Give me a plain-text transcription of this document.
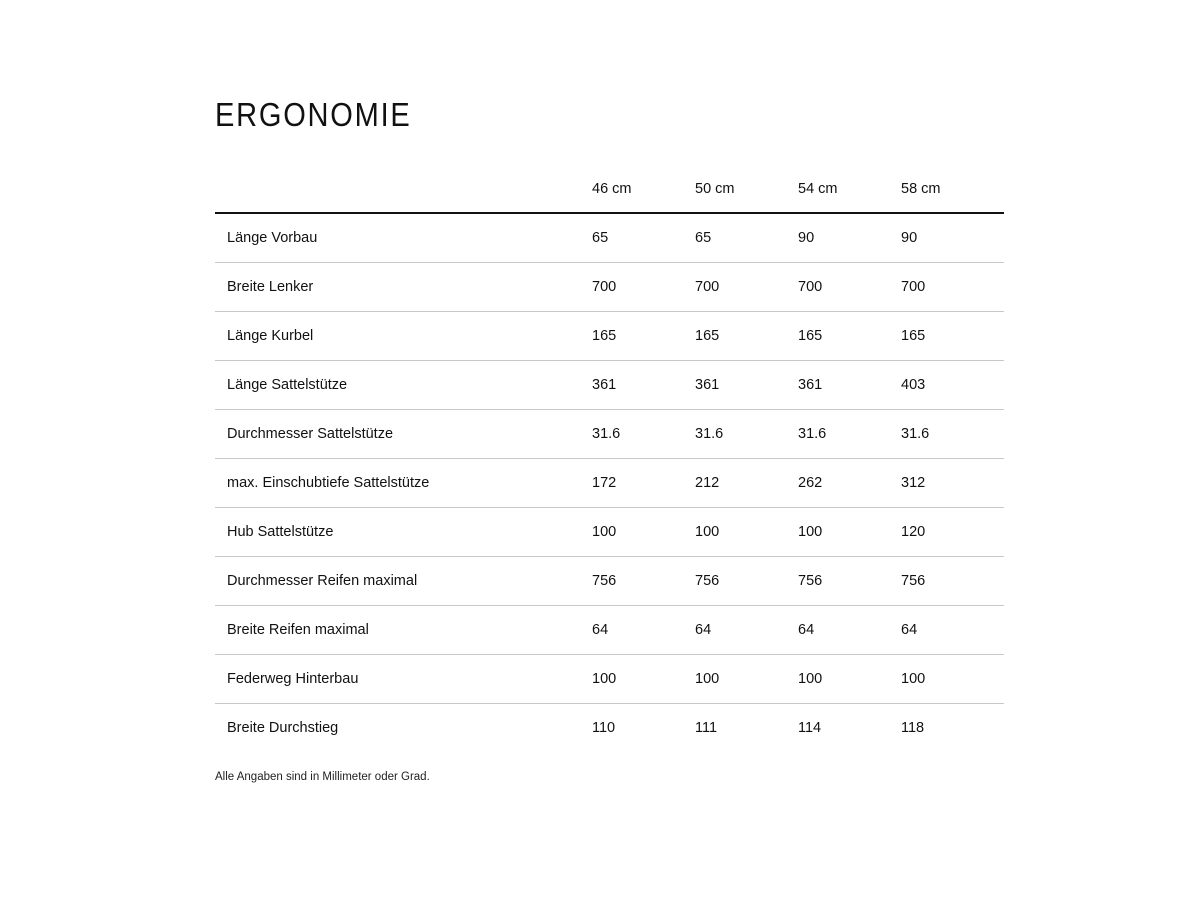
ERGONOMIE
	46 cm	50 cm	54 cm	58 cm
Länge Vorbau	65	65	90	90
Breite Lenker	700	700	700	700
Länge Kurbel	165	165	165	165
Länge Sattelstütze	361	361	361	403
Durchmesser Sattelstütze	31.6	31.6	31.6	31.6
max. Einschubtiefe Sattelstütze	172	212	262	312
Hub Sattelstütze	100	100	100	120
Durchmesser Reifen maximal	756	756	756	756
Breite Reifen maximal	64	64	64	64
Federweg Hinterbau	100	100	100	100
Breite Durchstieg	110	111	114	118
Alle Angaben sind in Millimeter oder Grad.
